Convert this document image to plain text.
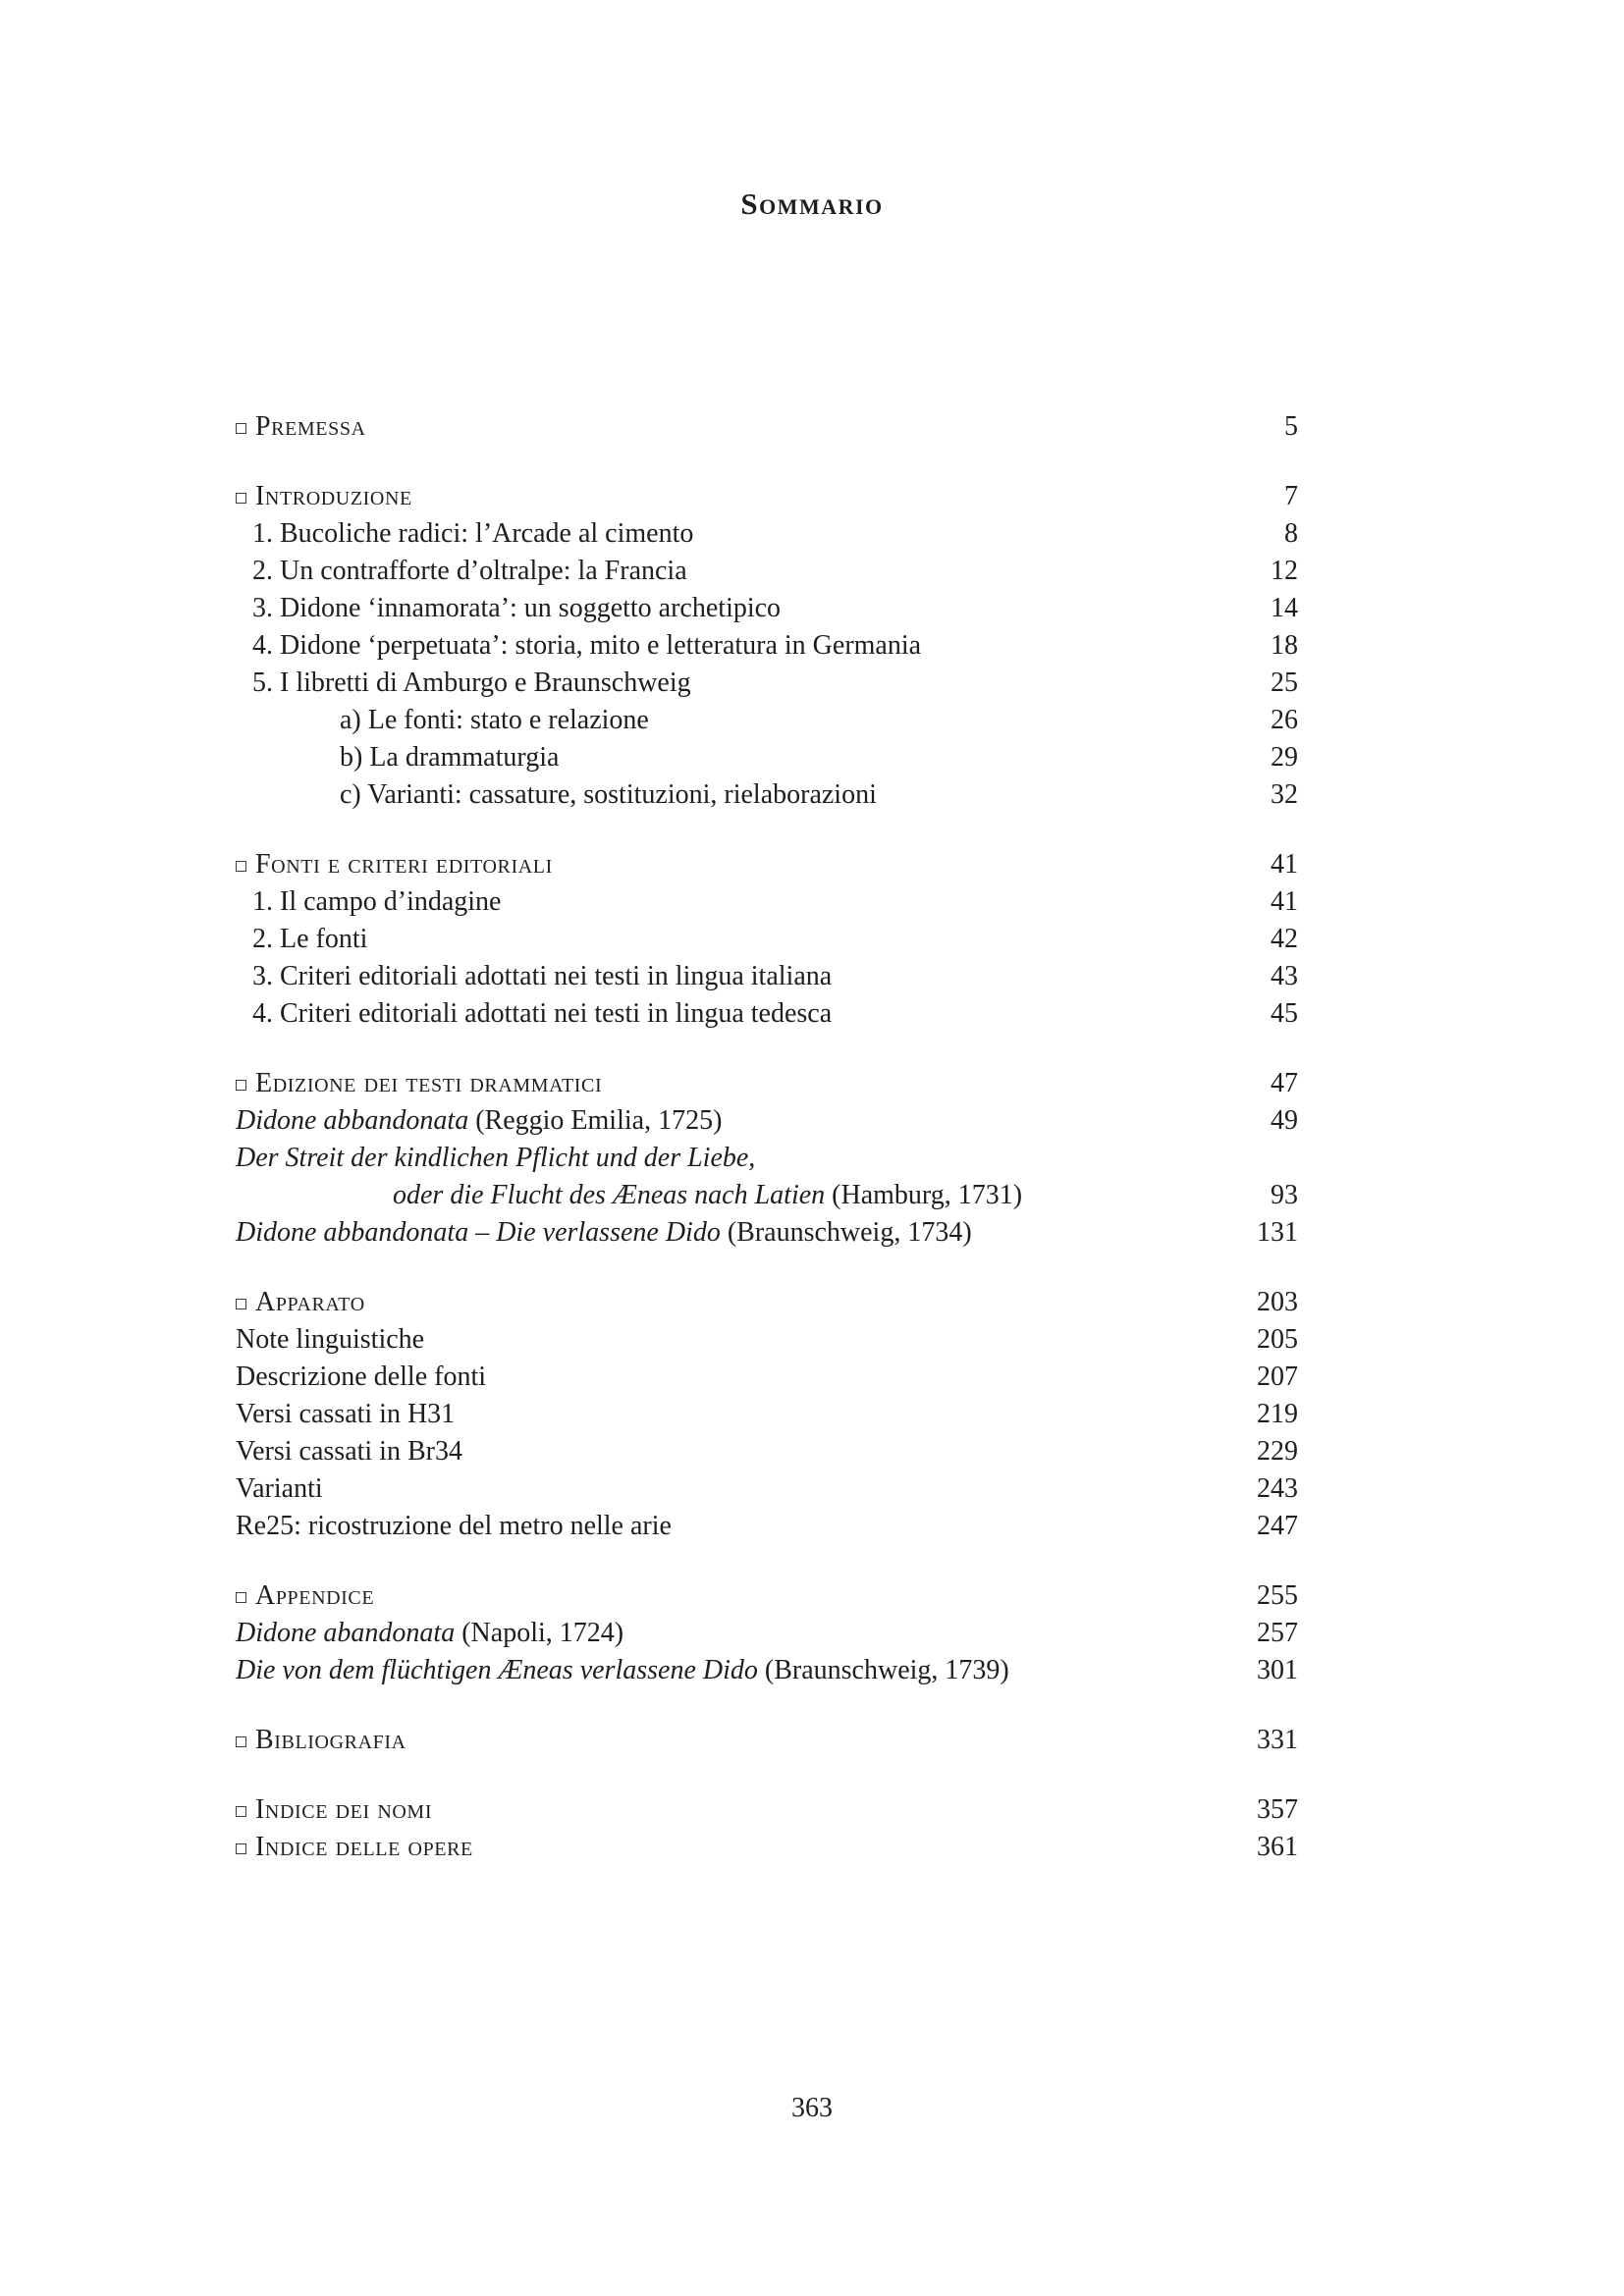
Sommario
Premessa	5
Introduzione	7
1. Bucoliche radici: l’Arcade al cimento	8
2. Un contrafforte d’oltralpe: la Francia	12
3. Didone ‘innamorata’: un soggetto archetipico	14
4. Didone ‘perpetuata’: storia, mito e letteratura in Germania	18
5. I libretti di Amburgo e Braunschweig	25
a) Le fonti: stato e relazione	26
b) La drammaturgia	29
c) Varianti: cassature, sostituzioni, rielaborazioni	32
Fonti e criteri editoriali	41
1. Il campo d’indagine	41
2. Le fonti	42
3. Criteri editoriali adottati nei testi in lingua italiana	43
4. Criteri editoriali adottati nei testi in lingua tedesca	45
Edizione dei testi drammatici	47
Didone abbandonata (Reggio Emilia, 1725)	49
Der Streit der kindlichen Pflicht und der Liebe,
oder die Flucht des Æneas nach Latien (Hamburg, 1731)	93
Didone abbandonata – Die verlassene Dido (Braunschweig, 1734)	131
Apparato	203
Note linguistiche	205
Descrizione delle fonti	207
Versi cassati in H31	219
Versi cassati in Br34	229
Varianti	243
Re25: ricostruzione del metro nelle arie	247
Appendice	255
Didone abandonata (Napoli, 1724)	257
Die von dem flüchtigen Æneas verlassene Dido (Braunschweig, 1739)	301
Bibliografia	331
Indice dei nomi	357
Indice delle opere	361
363
